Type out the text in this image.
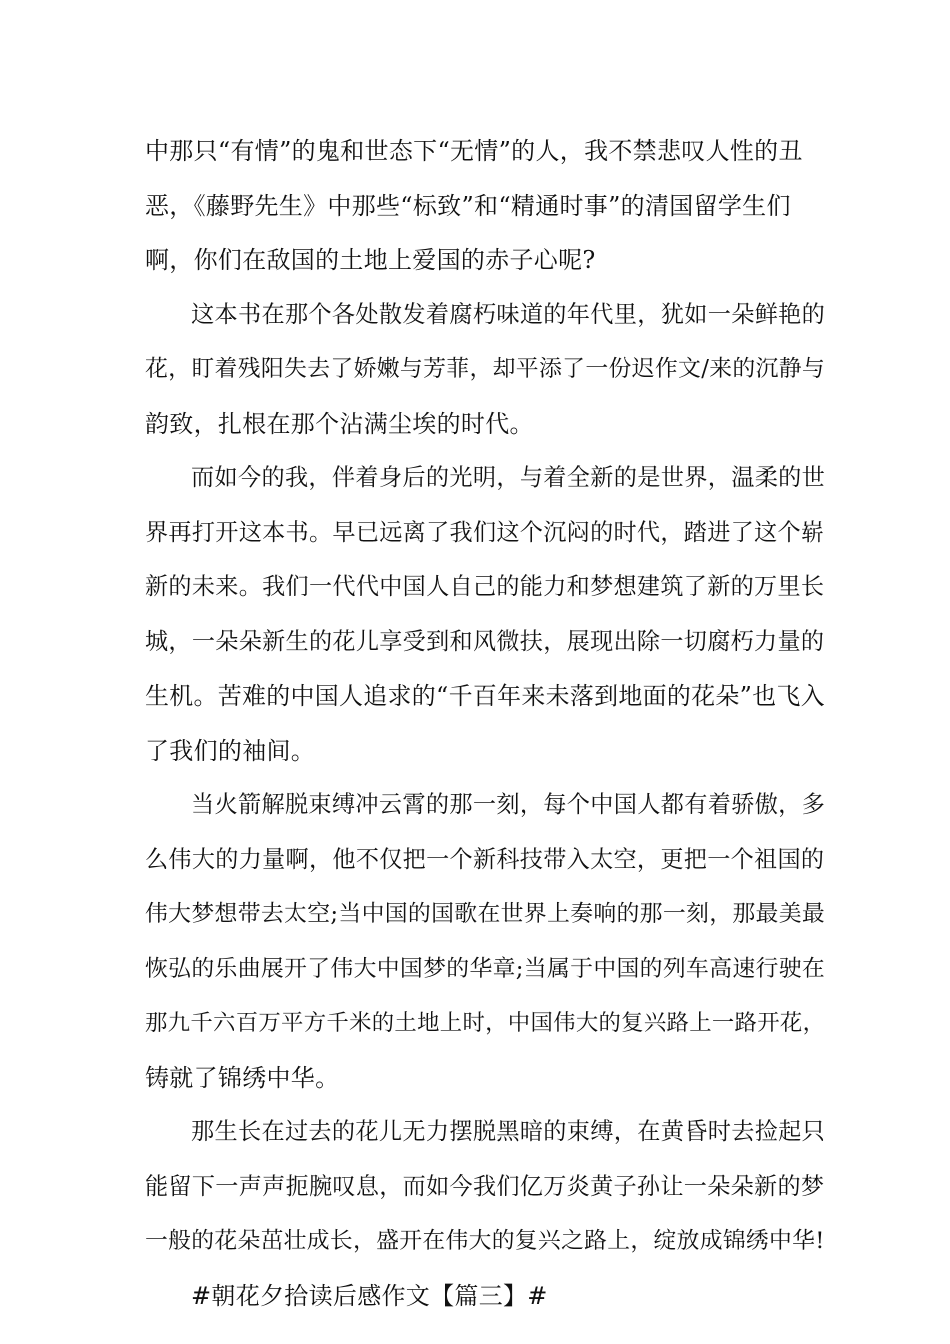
中那只“有情”的鬼和世态下“无情”的人，我不禁悲叹人性的丑
恶，《藤野先生》中那些“标致”和“精通时事”的清国留学生们
啊，你们在敌国的土地上爱国的赤子心呢?
这本书在那个各处散发着腐朽味道的年代里，犹如一朵鲜艳的
花，盯着残阳失去了娇嫩与芳菲，却平添了一份迟作文/来的沉静与
韵致，扎根在那个沾满尘埃的时代。
而如今的我，伴着身后的光明，与着全新的是世界，温柔的世
界再打开这本书。早已远离了我们这个沉闷的时代，踏进了这个崭
新的未来。我们一代代中国人自己的能力和梦想建筑了新的万里长
城，一朵朵新生的花儿享受到和风微扶，展现出除一切腐朽力量的
生机。苦难的中国人追求的“千百年来未落到地面的花朵”也飞入
了我们的袖间。
当火箭解脱束缚冲云霄的那一刻，每个中国人都有着骄傲，多
么伟大的力量啊，他不仅把一个新科技带入太空，更把一个祖国的
伟大梦想带去太空;当中国的国歌在世界上奏响的那一刻，那最美最
恢弘的乐曲展开了伟大中国梦的华章;当属于中国的列车高速行驶在
那九千六百万平方千米的土地上时，中国伟大的复兴路上一路开花，
铸就了锦绣中华。
那生长在过去的花儿无力摆脱黑暗的束缚，在黄昏时去捡起只
能留下一声声扼腕叹息，而如今我们亿万炎黄子孙让一朵朵新的梦
一般的花朵茁壮成长，盛开在伟大的复兴之路上，绽放成锦绣中华!
#朝花夕拾读后感作文【篇三】#
